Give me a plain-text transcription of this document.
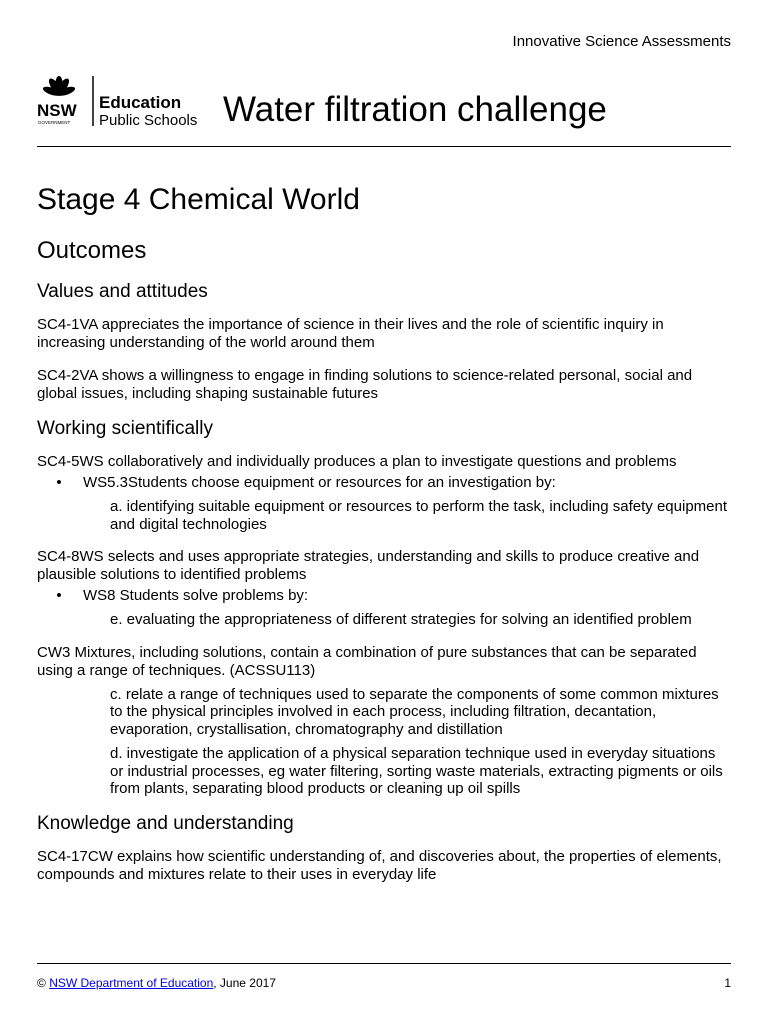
Innovative Science Assessments
NSW
GOVERNMENT
Education
Public Schools Water filtration challenge
Stage 4 Chemical World
Outcomes
Values and attitudes

SC4-1VA appreciates the importance of science in their lives and the role of scientific inquiry in increasing understanding of the world around them

SC4-2VA shows a willingness to engage in finding solutions to science-related personal, social and global issues, including shaping sustainable futures

Working scientifically

SC4-5WS collaboratively and individually produces a plan to investigate questions and problems

• WS5.3Students choose equipment or resources for an investigation by:

a. identifying suitable equipment or resources to perform the task, including safety equipment and digital technologies

SC4-8WS selects and uses appropriate strategies, understanding and skills to produce creative and plausible solutions to identified problems

• WS8 Students solve problems by:

e. evaluating the appropriateness of different strategies for solving an identified problem

CW3 Mixtures, including solutions, contain a combination of pure substances that can be separated using a range of techniques. (ACSSU113)

c. relate a range of techniques used to separate the components of some common mixtures to the physical principles involved in each process, including filtration, decantation, evaporation, crystallisation, chromatography and distillation

d. investigate the application of a physical separation technique used in everyday situations or industrial processes, eg water filtering, sorting waste materials, extracting pigments or oils from plants, separating blood products or cleaning up oil spills

Knowledge and understanding

SC4-17CW explains how scientific understanding of, and discoveries about, the properties of elements, compounds and mixtures relate to their uses in everyday life

© NSW Department of Education, June 2017	1
